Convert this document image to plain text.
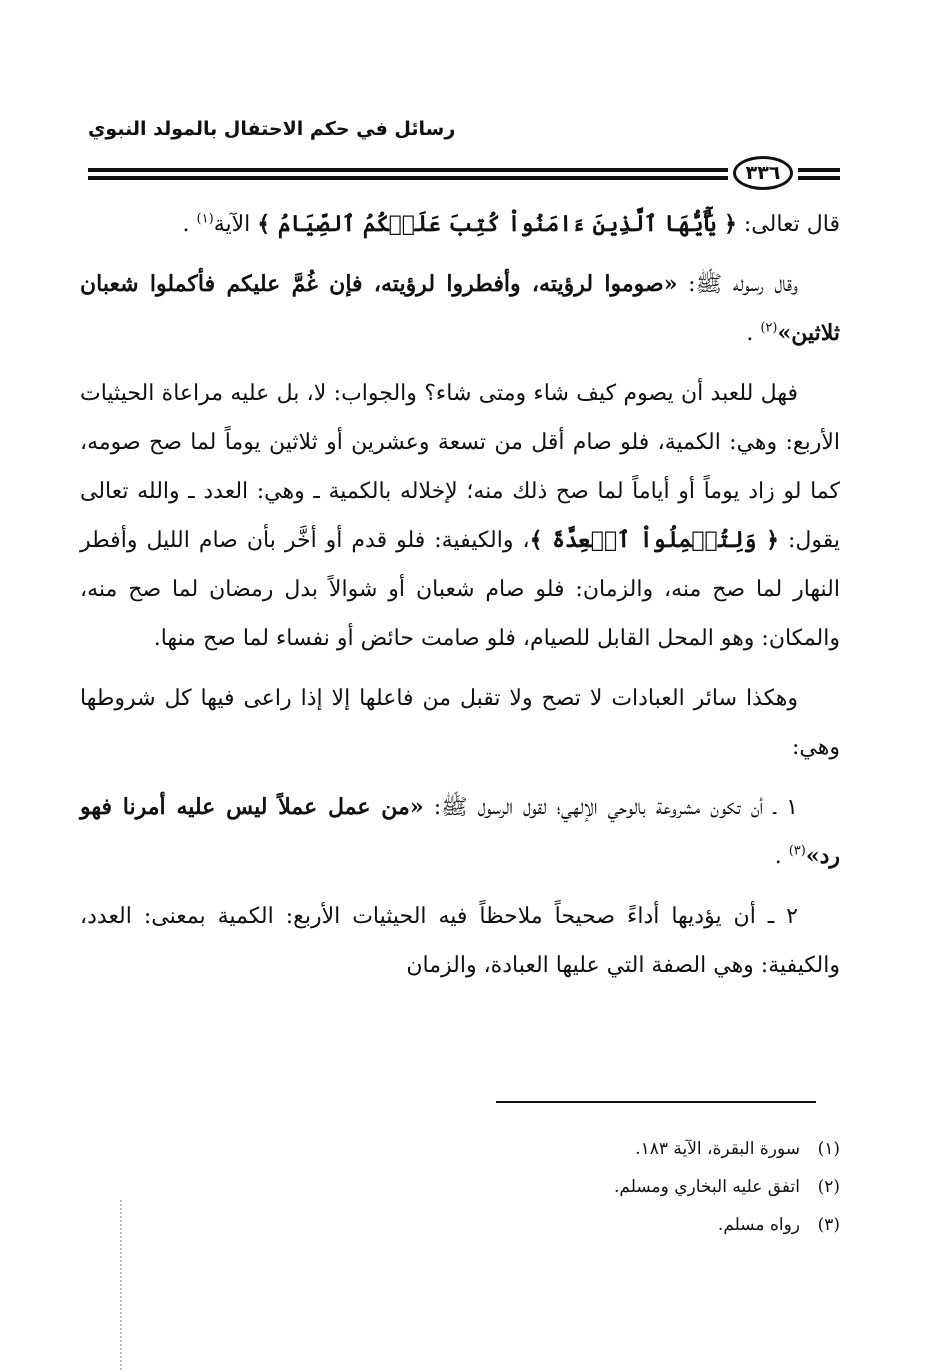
رسائل في حكم الاحتفال بالمولد النبوي
٣٣٦

قال تعالى: ﴿ يَٰٓأَيُّهَا ٱلَّذِينَ ءَامَنُواْ كُتِبَ عَلَيۡكُمُ ٱلصِّيَامُ ﴾ الآية$^{(١)}$ .

وقال رسوله ﷺ: «صوموا لرؤيته، وأفطروا لرؤيته، فإن غُمَّ عليكم فأكملوا شعبان ثلاثين»$^{(٢)}$ .

فهل للعبد أن يصوم كيف شاء ومتى شاء؟ والجواب: لا، بل عليه مراعاة الحيثيات الأربع: وهي: الكمية، فلو صام أقل من تسعة وعشرين أو ثلاثين يوماً لما صح صومه، كما لو زاد يوماً أو أياماً لما صح ذلك منه؛ لإخلاله بالكمية ـ وهي: العدد ـ والله تعالى يقول: ﴿ وَلِتُكۡمِلُواْ ٱلۡعِدَّةَ ﴾، والكيفية: فلو قدم أو أخَّر بأن صام الليل وأفطر النهار لما صح منه، والزمان: فلو صام شعبان أو شوالاً بدل رمضان لما صح منه، والمكان: وهو المحل القابل للصيام، فلو صامت حائض أو نفساء لما صح منها.

وهكذا سائر العبادات لا تصح ولا تقبل من فاعلها إلا إذا راعى فيها كل شروطها وهي:

١ ـ أن تكون مشروعة بالوحي الإلهي؛ لقول الرسول ﷺ: «من عمل عملاً ليس عليه أمرنا فهو رد»$^{(٣)}$ .

٢ ـ أن يؤديها أداءً صحيحاً ملاحظاً فيه الحيثيات الأربع: الكمية بمعنى: العدد، والكيفية: وهي الصفة التي عليها العبادة، والزمان

(١)سورة البقرة، الآية ١٨٣.

(٢)اتفق عليه البخاري ومسلم.

(٣)رواه مسلم.
